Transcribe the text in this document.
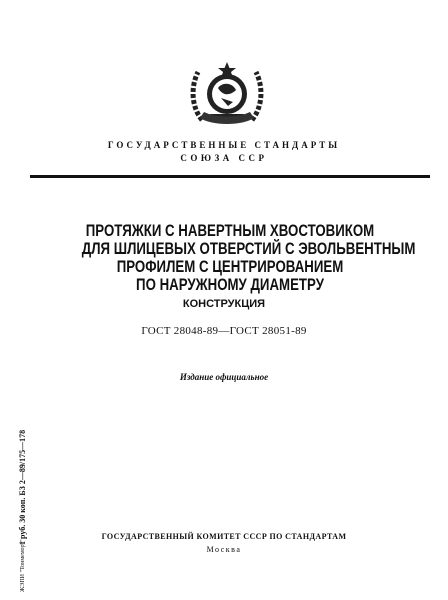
ГОСУДАРСТВЕННЫЕ СТАНДАРТЫ
СОЮЗА ССР
ПРОТЯЖКИ С НАВЕРТНЫМ ХВОСТОВИКОМ
ДЛЯ ШЛИЦЕВЫХ ОТВЕРСТИЙ С ЭВОЛЬВЕНТНЫМ
ПРОФИЛЕМ С ЦЕНТРИРОВАНИЕМ
ПО НАРУЖНОМУ ДИАМЕТРУ
КОНСТРУКЦИЯ
ГОСТ 28048-89—ГОСТ 28051-89
Издание официальное
1 руб. 30 коп. БЗ 2—89/175—178
ЖЭПИ "Тонмеморт"
ГОСУДАРСТВЕННЫЙ КОМИТЕТ СССР ПО СТАНДАРТАМ
Москва
